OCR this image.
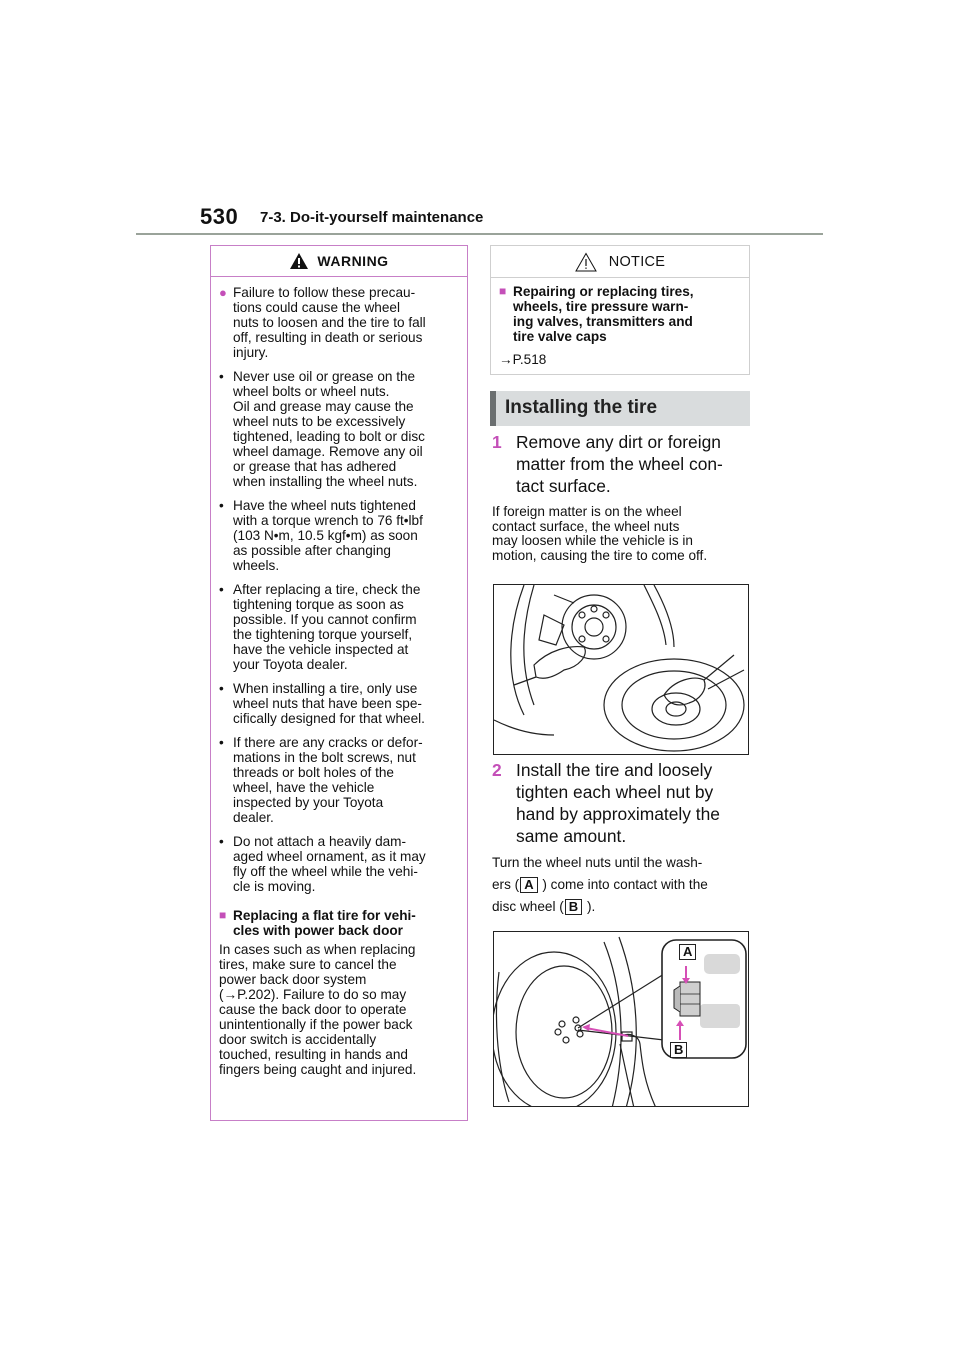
530 7-3. Do-it-yourself maintenance
WARNING
● Failure to follow these precau-
tions could cause the wheel
nuts to loosen and the tire to fall
off, resulting in death or serious
injury.
• Never use oil or grease on the
wheel bolts or wheel nuts.
Oil and grease may cause the
wheel nuts to be excessively
tightened, leading to bolt or disc
wheel damage. Remove any oil
or grease that has adhered
when installing the wheel nuts.
• Have the wheel nuts tightened
with a torque wrench to 76 ft•lbf
(103 N•m, 10.5 kgf•m) as soon
as possible after changing
wheels.
• After replacing a tire, check the
tightening torque as soon as
possible. If you cannot confirm
the tightening torque yourself,
have the vehicle inspected at
your Toyota dealer.
• When installing a tire, only use
wheel nuts that have been spe-
cifically designed for that wheel.
• If there are any cracks or defor-
mations in the bolt screws, nut
threads or bolt holes of the
wheel, have the vehicle
inspected by your Toyota
dealer.
• Do not attach a heavily dam-
aged wheel ornament, as it may
fly off the wheel while the vehi-
cle is moving.
■ Replacing a flat tire for vehi-
cles with power back door
In cases such as when replacing
tires, make sure to cancel the
power back door system
(→P.202). Failure to do so may
cause the back door to operate
unintentionally if the power back
door switch is accidentally
touched, resulting in hands and
fingers being caught and injured.
NOTICE
■ Repairing or replacing tires,
wheels, tire pressure warn-
ing valves, transmitters and
tire valve caps
→P.518
Installing the tire
1 Remove any dirt or foreign
matter from the wheel con-
tact surface.
If foreign matter is on the wheel
contact surface, the wheel nuts
may loosen while the vehicle is in
motion, causing the tire to come off.
2 Install the tire and loosely
tighten each wheel nut by
hand by approximately the
same amount.
Turn the wheel nuts until the wash-
ers ( A ) come into contact with the
disc wheel ( B ).
A
B
